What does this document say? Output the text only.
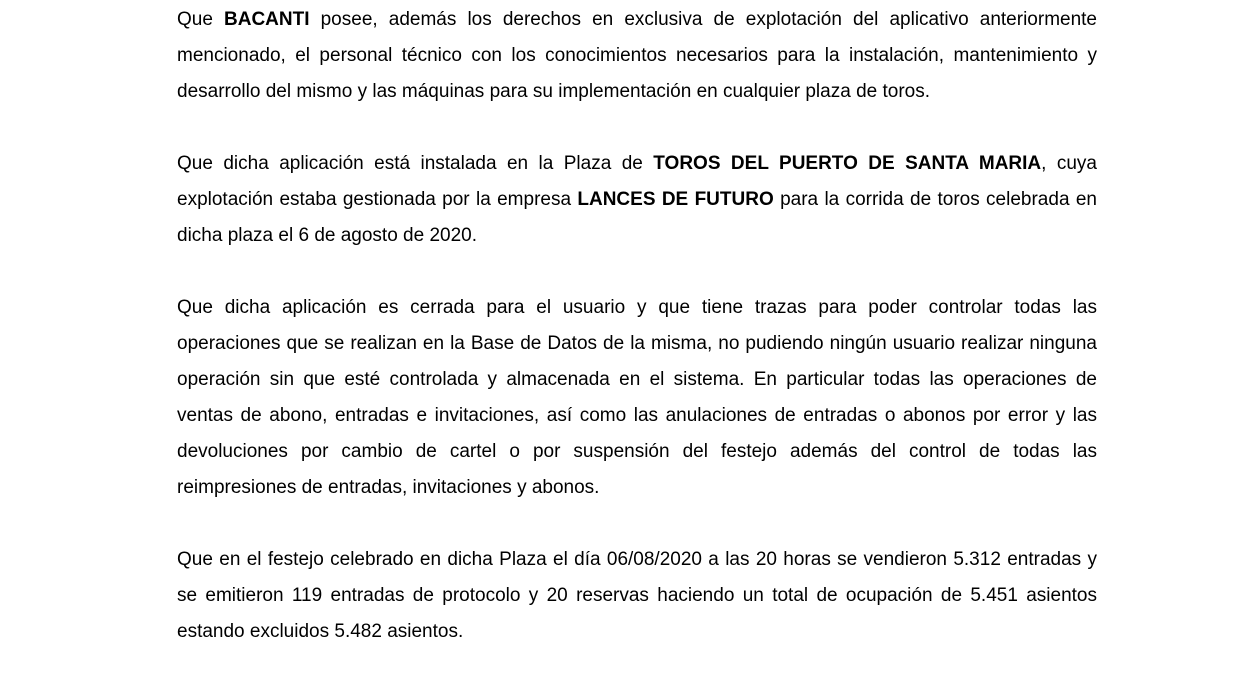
Que BACANTI posee, además los derechos en exclusiva de explotación del aplicativo anteriormente mencionado, el personal técnico con los conocimientos necesarios para la instalación, mantenimiento y desarrollo del mismo y las máquinas para su implementación en cualquier plaza de toros.

Que dicha aplicación está instalada en la Plaza de TOROS DEL PUERTO DE SANTA MARIA, cuya explotación estaba gestionada por la empresa LANCES DE FUTURO para la corrida de toros celebrada en dicha plaza el 6 de agosto de 2020.

Que dicha aplicación es cerrada para el usuario y que tiene trazas para poder controlar todas las operaciones que se realizan en la Base de Datos de la misma, no pudiendo ningún usuario realizar ninguna operación sin que esté controlada y almacenada en el sistema. En particular todas las operaciones de ventas de abono, entradas e invitaciones, así como las anulaciones de entradas o abonos por error y las devoluciones por cambio de cartel o por suspensión del festejo además del control de todas las reimpresiones de entradas, invitaciones y abonos.

Que en el festejo celebrado en dicha Plaza el día 06/08/2020 a las 20 horas se vendieron 5.312 entradas y se emitieron 119 entradas de protocolo y 20 reservas haciendo un total de ocupación de 5.451 asientos estando excluidos 5.482 asientos.
